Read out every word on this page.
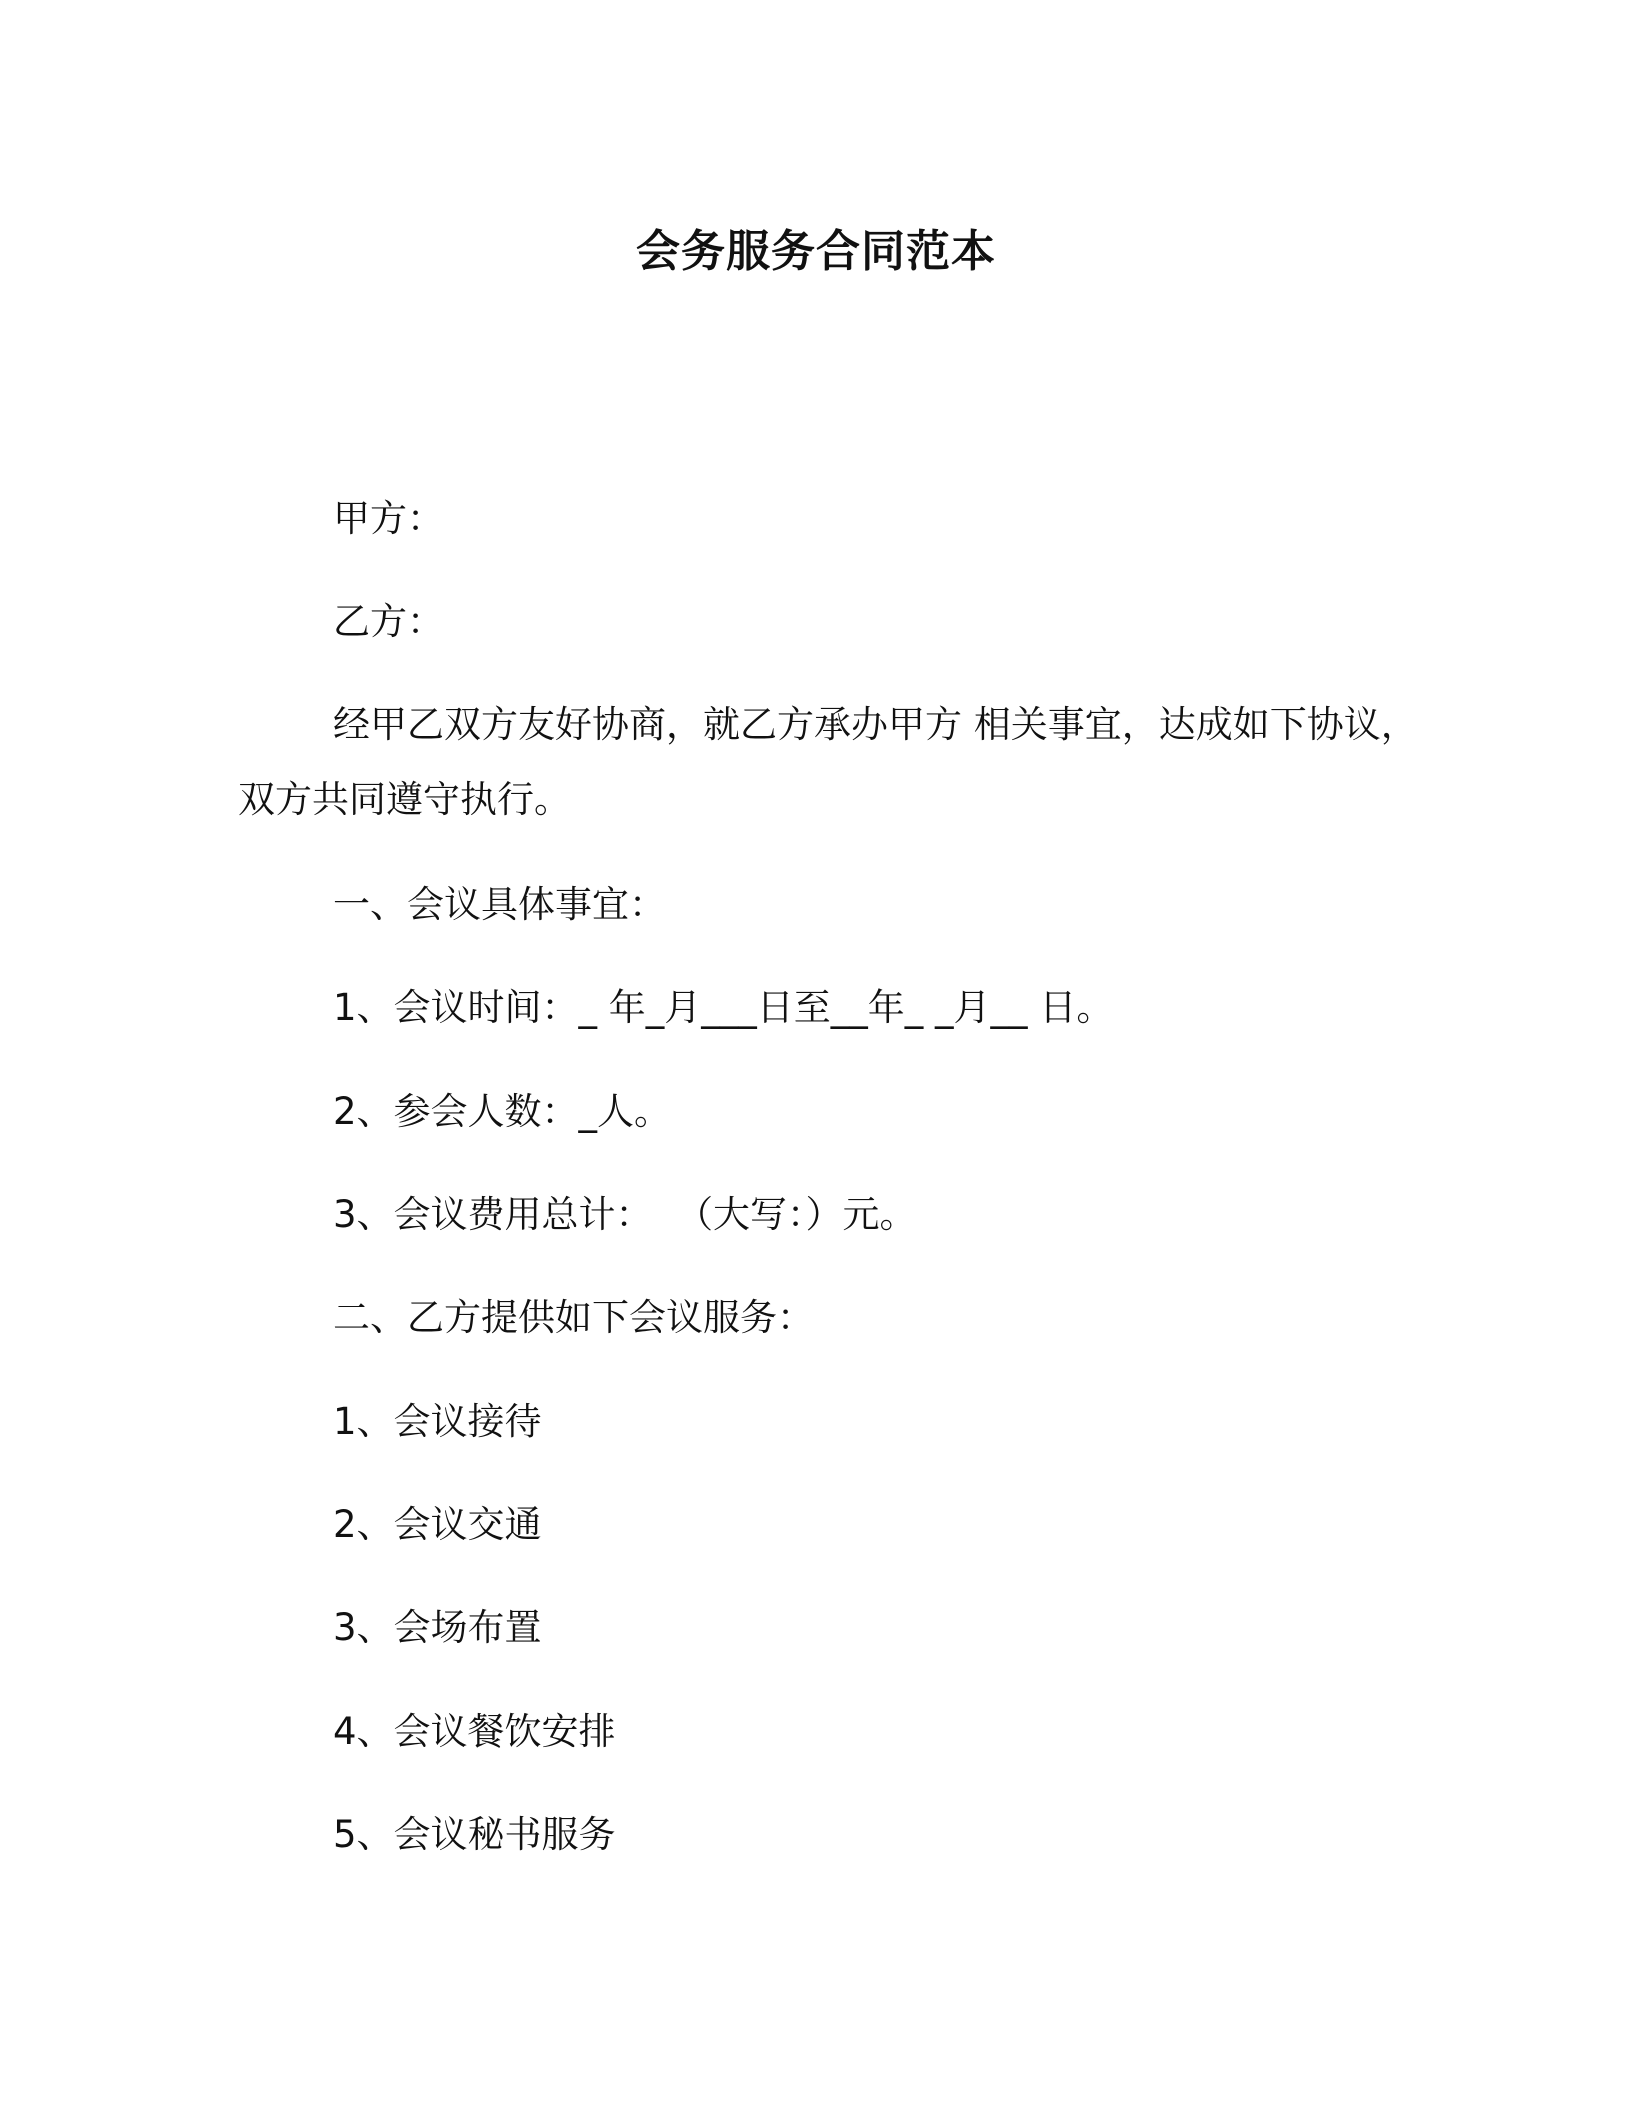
会务服务合同范本

甲方：

乙方：

经甲乙双方友好协商，就乙方承办甲方 相关事宜，达成如下协议，

双方共同遵守执行。

一、会议具体事宜：

1、会议时间：_ 年_月___日至__年_ _月__ 日。

2、参会人数：_人。

3、会议费用总计：  （大写：）元。

二、乙方提供如下会议服务：

1、会议接待

2、会议交通

3、会场布置

4、会议餐饮安排

5、会议秘书服务
